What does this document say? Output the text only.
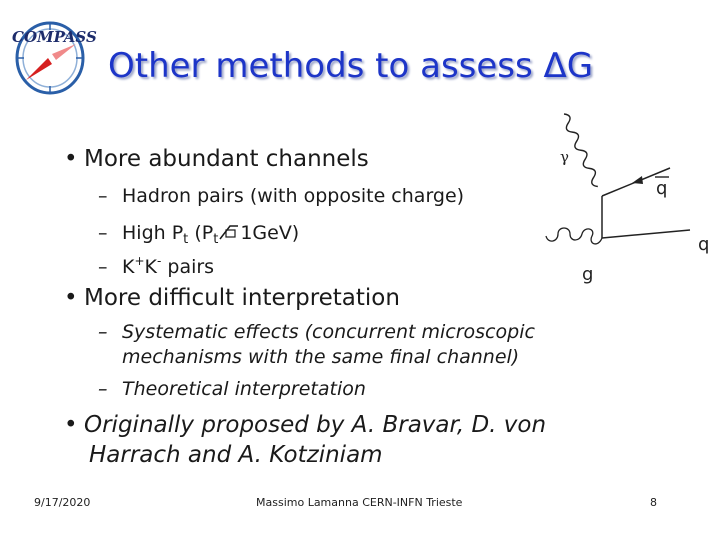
COMPASS
Other methods to assess ΔG
• More abundant channels
– Hadron pairs (with opposite charge)
– High $P_t$ ($P_t$ 1GeV)
– K+K- pairs
• More difficult interpretation
– Systematic effects (concurrent microscopic
mechanisms with the same final channel)
– Theoretical interpretation
• Originally proposed by A. Bravar, D. von
Harrach and A. Kotziniam
γ
q
q
g
9/17/2020	Massimo Lamanna CERN-INFN Trieste	8
